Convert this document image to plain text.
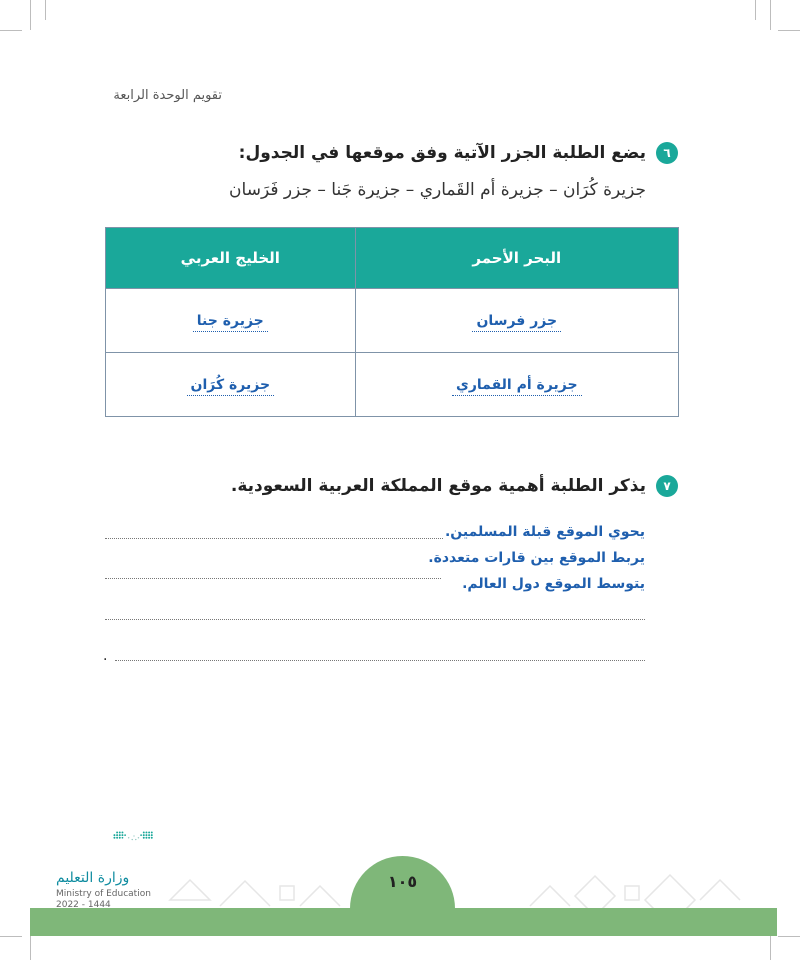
تقويم الوحدة الرابعة
٦
يضع الطلبة الجزر الآتية وفق موقعها في الجدول:
جزيرة كُرَان – جزيرة أم القَماري – جزيرة جَنا – جزر فَرَسان
البحر الأحمر	الخليج العربي
جزر فرسان	جزيرة جنا
جزيرة أم القماري	جزيرة كُرَان
٧
يذكر الطلبة أهمية موقع المملكة العربية السعودية.
يحوي الموقع قبلة المسلمين.
يربط الموقع بين قارات متعددة.
يتوسط الموقع دول العالم.
.
١٠٥
وزارة التعليم
Ministry of Education
2022 - 1444
